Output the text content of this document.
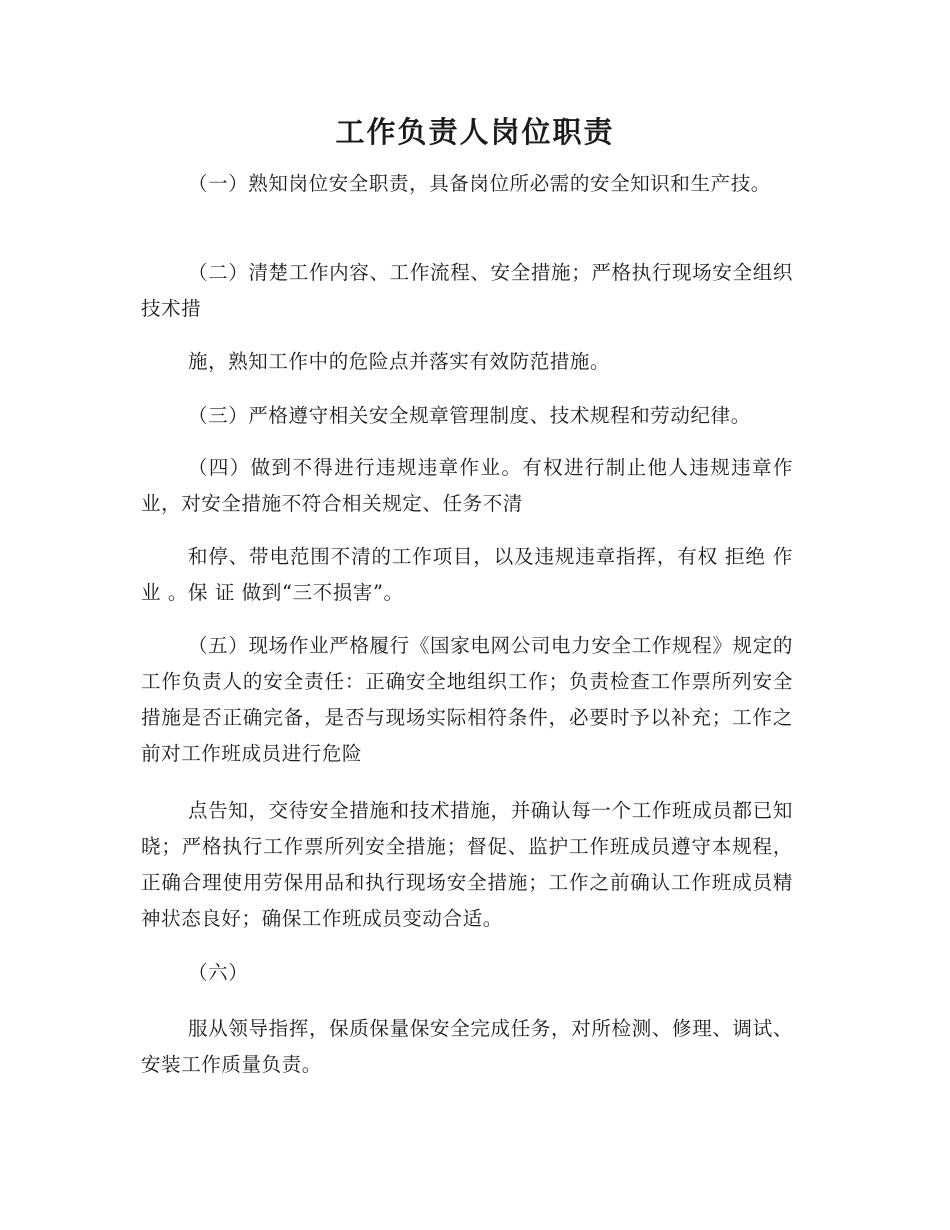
工作负责人岗位职责

（一）熟知岗位安全职责，具备岗位所必需的安全知识和生产技。

（二）清楚工作内容、工作流程、安全措施；严格执行现场安全组织技术措

施，熟知工作中的危险点并落实有效防范措施。

（三）严格遵守相关安全规章管理制度、技术规程和劳动纪律。

（四）做到不得进行违规违章作业。有权进行制止他人违规违章作业，对安全措施不符合相关规定、任务不清

和停、带电范围不清的工作项目，以及违规违章指挥，有权 拒绝 作 业 。保 证 做到“三不损害”。

（五）现场作业严格履行《国家电网公司电力安全工作规程》规定的工作负责人的安全责任：正确安全地组织工作；负责检查工作票所列安全措施是否正确完备，是否与现场实际相符条件，必要时予以补充；工作之前对工作班成员进行危险

点告知，交待安全措施和技术措施，并确认每一个工作班成员都已知晓；严格执行工作票所列安全措施；督促、监护工作班成员遵守本规程，正确合理使用劳保用品和执行现场安全措施；工作之前确认工作班成员精神状态良好；确保工作班成员变动合适。

（六）

服从领导指挥，保质保量保安全完成任务，对所检测、修理、调试、安装工作质量负责。
